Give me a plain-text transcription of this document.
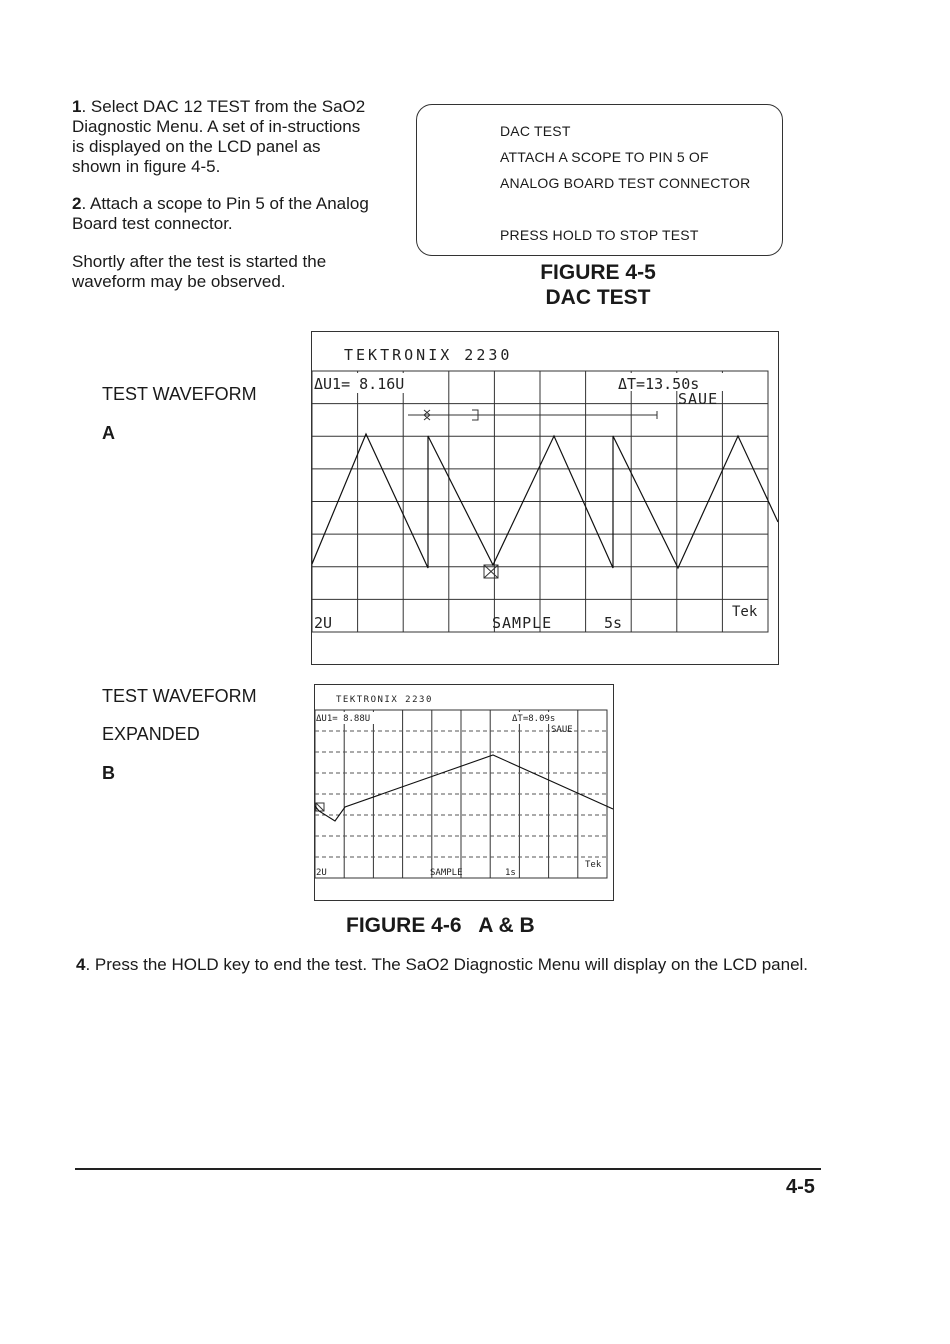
1. Select DAC 12 TEST from the SaO2 Diagnostic Menu. A set of in-structions is displayed on the LCD panel as shown in figure 4-5.
2. Attach a scope to Pin 5 of the Analog Board test connector.
Shortly after the test is started the waveform may be observed.
DAC TEST
ATTACH A SCOPE TO PIN 5 OF
ANALOG BOARD TEST CONNECTOR
PRESS HOLD TO STOP TEST
FIGURE 4-5
DAC TEST
TEST WAVEFORM
A
TEKTRONIX 2230
ΔU1= 8.16U	ΔT=13.50s
SAUE
2U	SAMPLE	5s
Tek
TEST WAVEFORM
EXPANDED
B
TEKTRONIX 2230
ΔU1= 8.88U	ΔT=8.09s
SAUE
2U	SAMPLE	1s
Tek
FIGURE 4-6   A & B
4. Press the HOLD key to end the test. The SaO2 Diagnostic Menu will display on the LCD panel.
4-5
